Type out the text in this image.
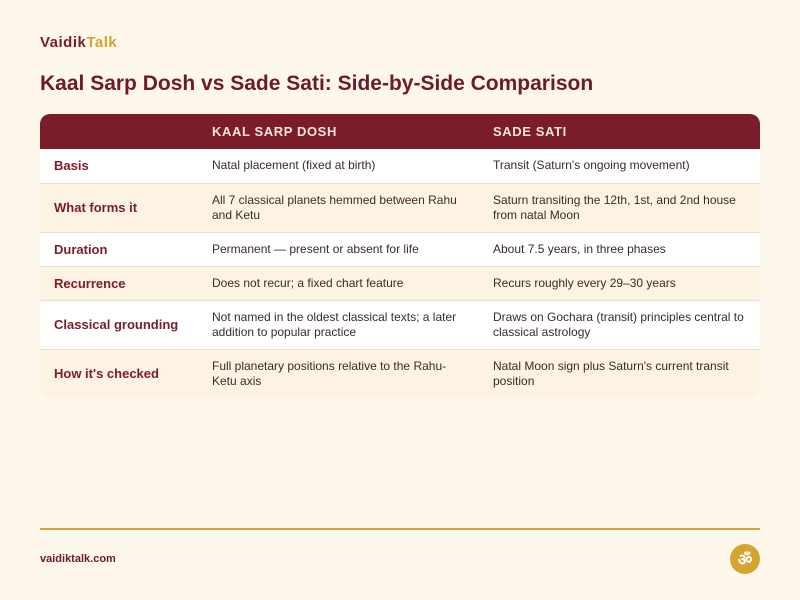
VaidikTalk
Kaal Sarp Dosh vs Sade Sati: Side-by-Side Comparison
	KAAL SARP DOSH	SADE SATI
Basis	Natal placement (fixed at birth)	Transit (Saturn's ongoing movement)
What forms it	All 7 classical planets hemmed between Rahu and Ketu	Saturn transiting the 12th, 1st, and 2nd house from natal Moon
Duration	Permanent — present or absent for life	About 7.5 years, in three phases
Recurrence	Does not recur; a fixed chart feature	Recurs roughly every 29–30 years
Classical grounding	Not named in the oldest classical texts; a later addition to popular practice	Draws on Gochara (transit) principles central to classical astrology
How it's checked	Full planetary positions relative to the Rahu-Ketu axis	Natal Moon sign plus Saturn's current transit position
vaidiktalk.com	ॐ
